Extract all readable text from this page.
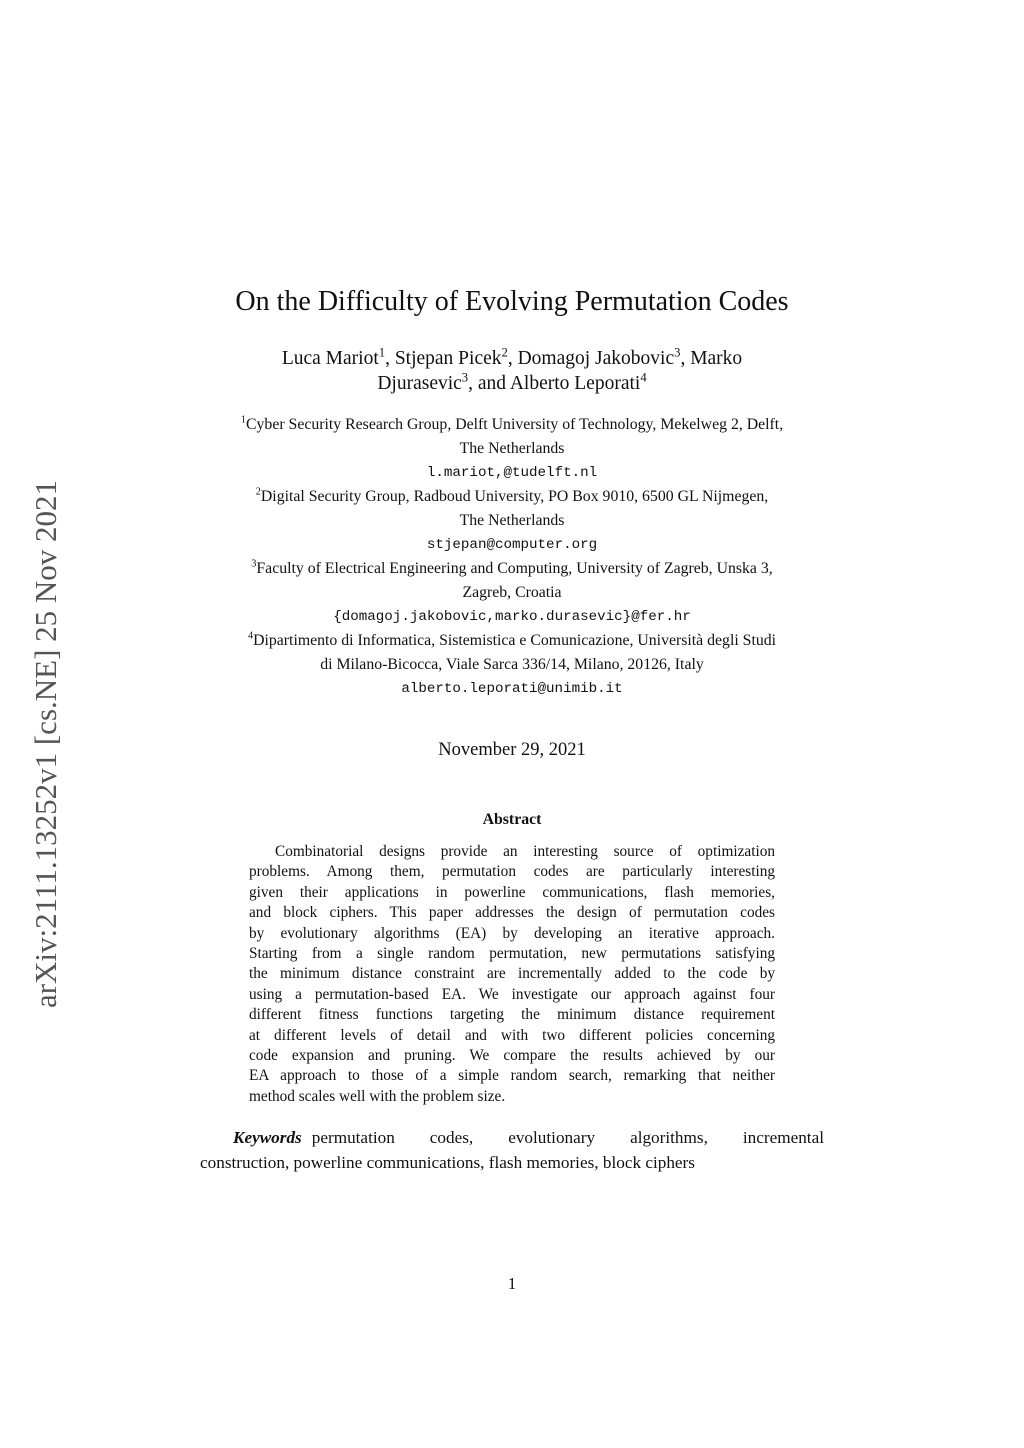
arXiv:2111.13252v1 [cs.NE] 25 Nov 2021
On the Difficulty of Evolving Permutation Codes
Luca Mariot$^1$, Stjepan Picek$^2$, Domagoj Jakobovic$^3$, Marko
Djurasevic$^3$, and Alberto Leporati$^4$
$^1$Cyber Security Research Group, Delft University of Technology, Mekelweg 2, Delft,
The Netherlands
l.mariot,@tudelft.nl
$^2$Digital Security Group, Radboud University, PO Box 9010, 6500 GL Nijmegen,
The Netherlands
stjepan@computer.org
$^3$Faculty of Electrical Engineering and Computing, University of Zagreb, Unska 3,
Zagreb, Croatia
{domagoj.jakobovic,marko.durasevic}@fer.hr
$^4$Dipartimento di Informatica, Sistemistica e Comunicazione, Università degli Studi
di Milano-Bicocca, Viale Sarca 336/14, Milano, 20126, Italy
alberto.leporati@unimib.it
November 29, 2021
Abstract
Combinatorial designs provide an interesting source of optimization
problems. Among them, permutation codes are particularly interesting
given their applications in powerline communications, flash memories,
and block ciphers. This paper addresses the design of permutation codes
by evolutionary algorithms (EA) by developing an iterative approach.
Starting from a single random permutation, new permutations satisfying
the minimum distance constraint are incrementally added to the code by
using a permutation-based EA. We investigate our approach against four
different fitness functions targeting the minimum distance requirement
at different levels of detail and with two different policies concerning
code expansion and pruning. We compare the results achieved by our
EA approach to those of a simple random search, remarking that neither
method scales well with the problem size.
Keywords permutation codes, evolutionary algorithms, incremental
construction, powerline communications, flash memories, block ciphers
1
